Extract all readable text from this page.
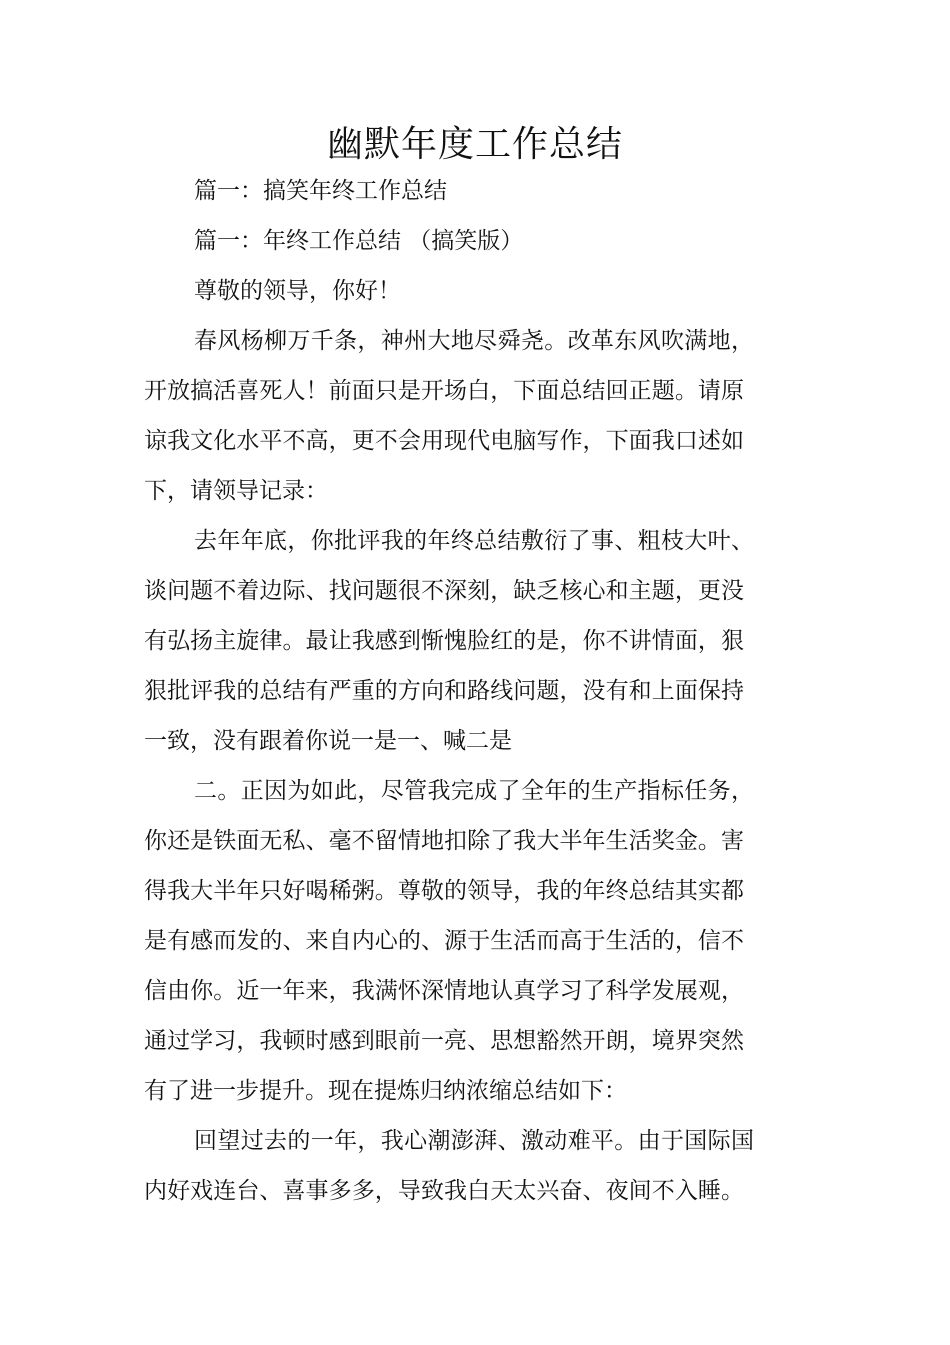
幽默年度工作总结

篇一：搞笑年终工作总结

篇一：年终工作总结 （搞笑版）

尊敬的领导，你好！

春风杨柳万千条，神州大地尽舜尧。改革东风吹满地，

开放搞活喜死人！前面只是开场白，下面总结回正题。请原

谅我文化水平不高，更不会用现代电脑写作，下面我口述如

下，请领导记录：

去年年底，你批评我的年终总结敷衍了事、粗枝大叶、

谈问题不着边际、找问题很不深刻，缺乏核心和主题，更没

有弘扬主旋律。最让我感到惭愧脸红的是，你不讲情面，狠

狠批评我的总结有严重的方向和路线问题，没有和上面保持

一致，没有跟着你说一是一、喊二是

二。正因为如此，尽管我完成了全年的生产指标任务，

你还是铁面无私、毫不留情地扣除了我大半年生活奖金。害

得我大半年只好喝稀粥。尊敬的领导，我的年终总结其实都

是有感而发的、来自内心的、源于生活而高于生活的，信不

信由你。近一年来，我满怀深情地认真学习了科学发展观，

通过学习，我顿时感到眼前一亮、思想豁然开朗，境界突然

有了进一步提升。现在提炼归纳浓缩总结如下：

回望过去的一年，我心潮澎湃、激动难平。由于国际国

内好戏连台、喜事多多，导致我白天太兴奋、夜间不入睡。
